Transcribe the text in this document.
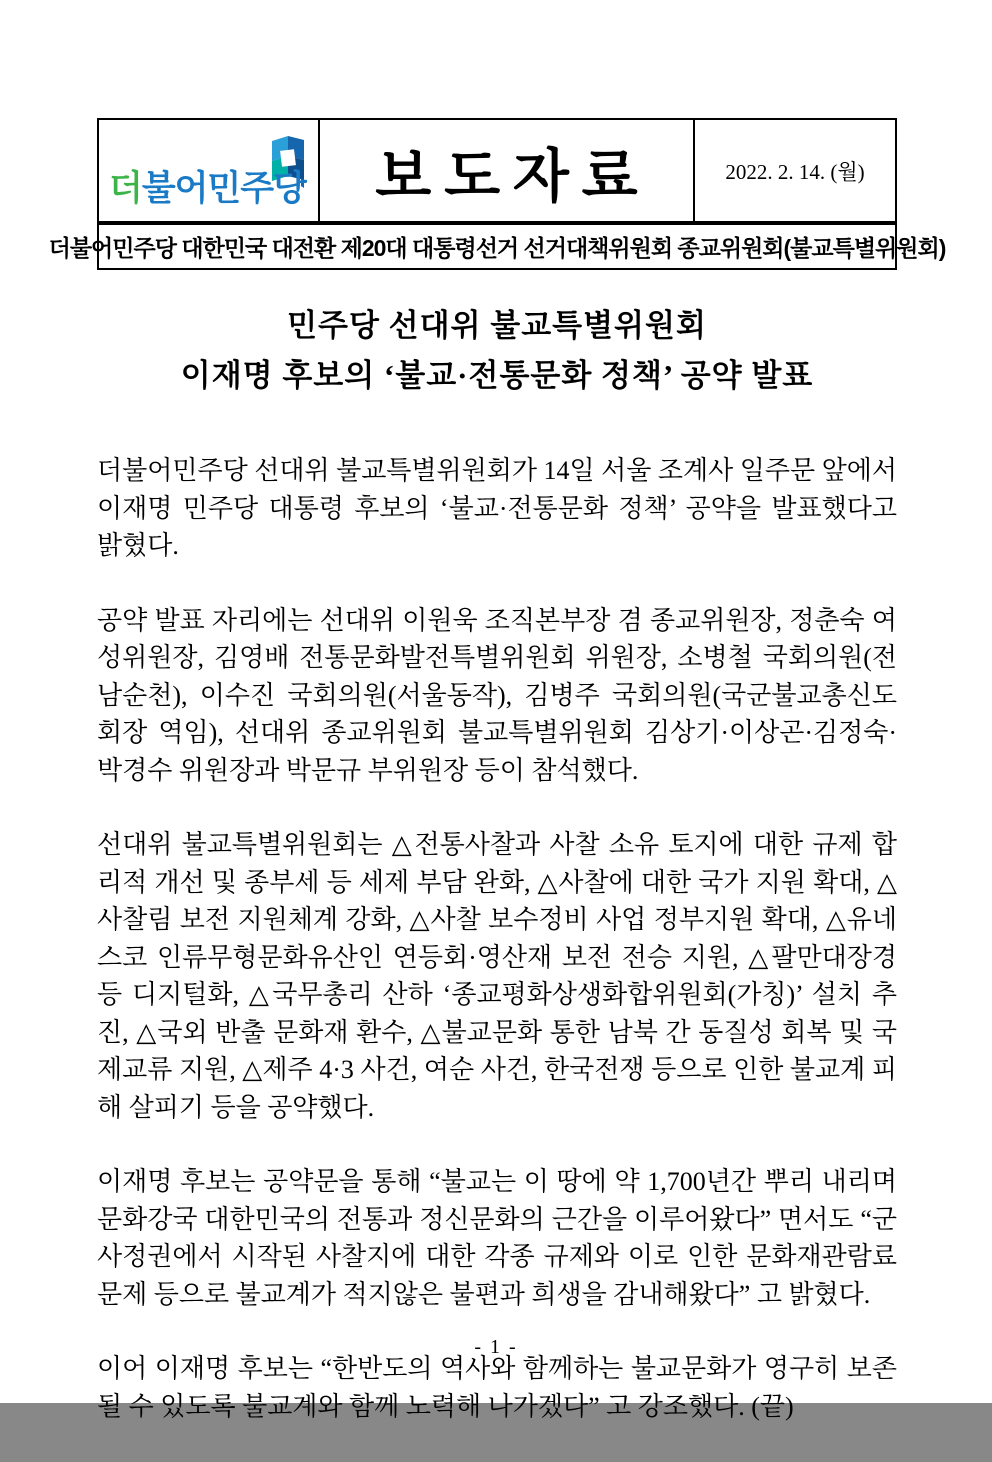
더불어민주당	보도자료	2022. 2. 14. (월)
더불어민주당 대한민국 대전환 제20대 대통령선거 선거대책위원회 종교위원회(불교특별위원회)
민주당 선대위 불교특별위원회
이재명 후보의 ‘불교·전통문화 정책’ 공약 발표

더불어민주당 선대위 불교특별위원회가 14일 서울 조계사 일주문 앞에서 이재명 민주당 대통령 후보의 ‘불교·전통문화 정책’ 공약을 발표했다고 밝혔다.

공약 발표 자리에는 선대위 이원욱 조직본부장 겸 종교위원장, 정춘숙 여성위원장, 김영배 전통문화발전특별위원회 위원장, 소병철 국회의원(전남순천), 이수진 국회의원(서울동작), 김병주 국회의원(국군불교총신도회장 역임), 선대위 종교위원회 불교특별위원회 김상기·이상곤·김정숙·박경수 위원장과 박문규 부위원장 등이 참석했다.

선대위 불교특별위원회는 △전통사찰과 사찰 소유 토지에 대한 규제 합리적 개선 및 종부세 등 세제 부담 완화, △사찰에 대한 국가 지원 확대, △사찰림 보전 지원체계 강화, △사찰 보수정비 사업 정부지원 확대, △유네스코 인류무형문화유산인 연등회·영산재 보전 전승 지원, △팔만대장경 등 디지털화, △국무총리 산하 ‘종교평화상생화합위원회(가칭)’ 설치 추진, △국외 반출 문화재 환수, △불교문화 통한 남북 간 동질성 회복 및 국제교류 지원, △제주 4·3 사건, 여순 사건, 한국전쟁 등으로 인한 불교계 피해 살피기 등을 공약했다.

이재명 후보는 공약문을 통해 “불교는 이 땅에 약 1,700년간 뿌리 내리며 문화강국 대한민국의 전통과 정신문화의 근간을 이루어왔다” 면서도 “군사정권에서 시작된 사찰지에 대한 각종 규제와 이로 인한 문화재관람료 문제 등으로 불교계가 적지않은 불편과 희생을 감내해왔다” 고 밝혔다.

이어 이재명 후보는 “한반도의 역사와 함께하는 불교문화가 영구히 보존될 수 있도록 불교계와 함께 노력해 나가겠다” 고 강조했다. (끝)

- 1 -
